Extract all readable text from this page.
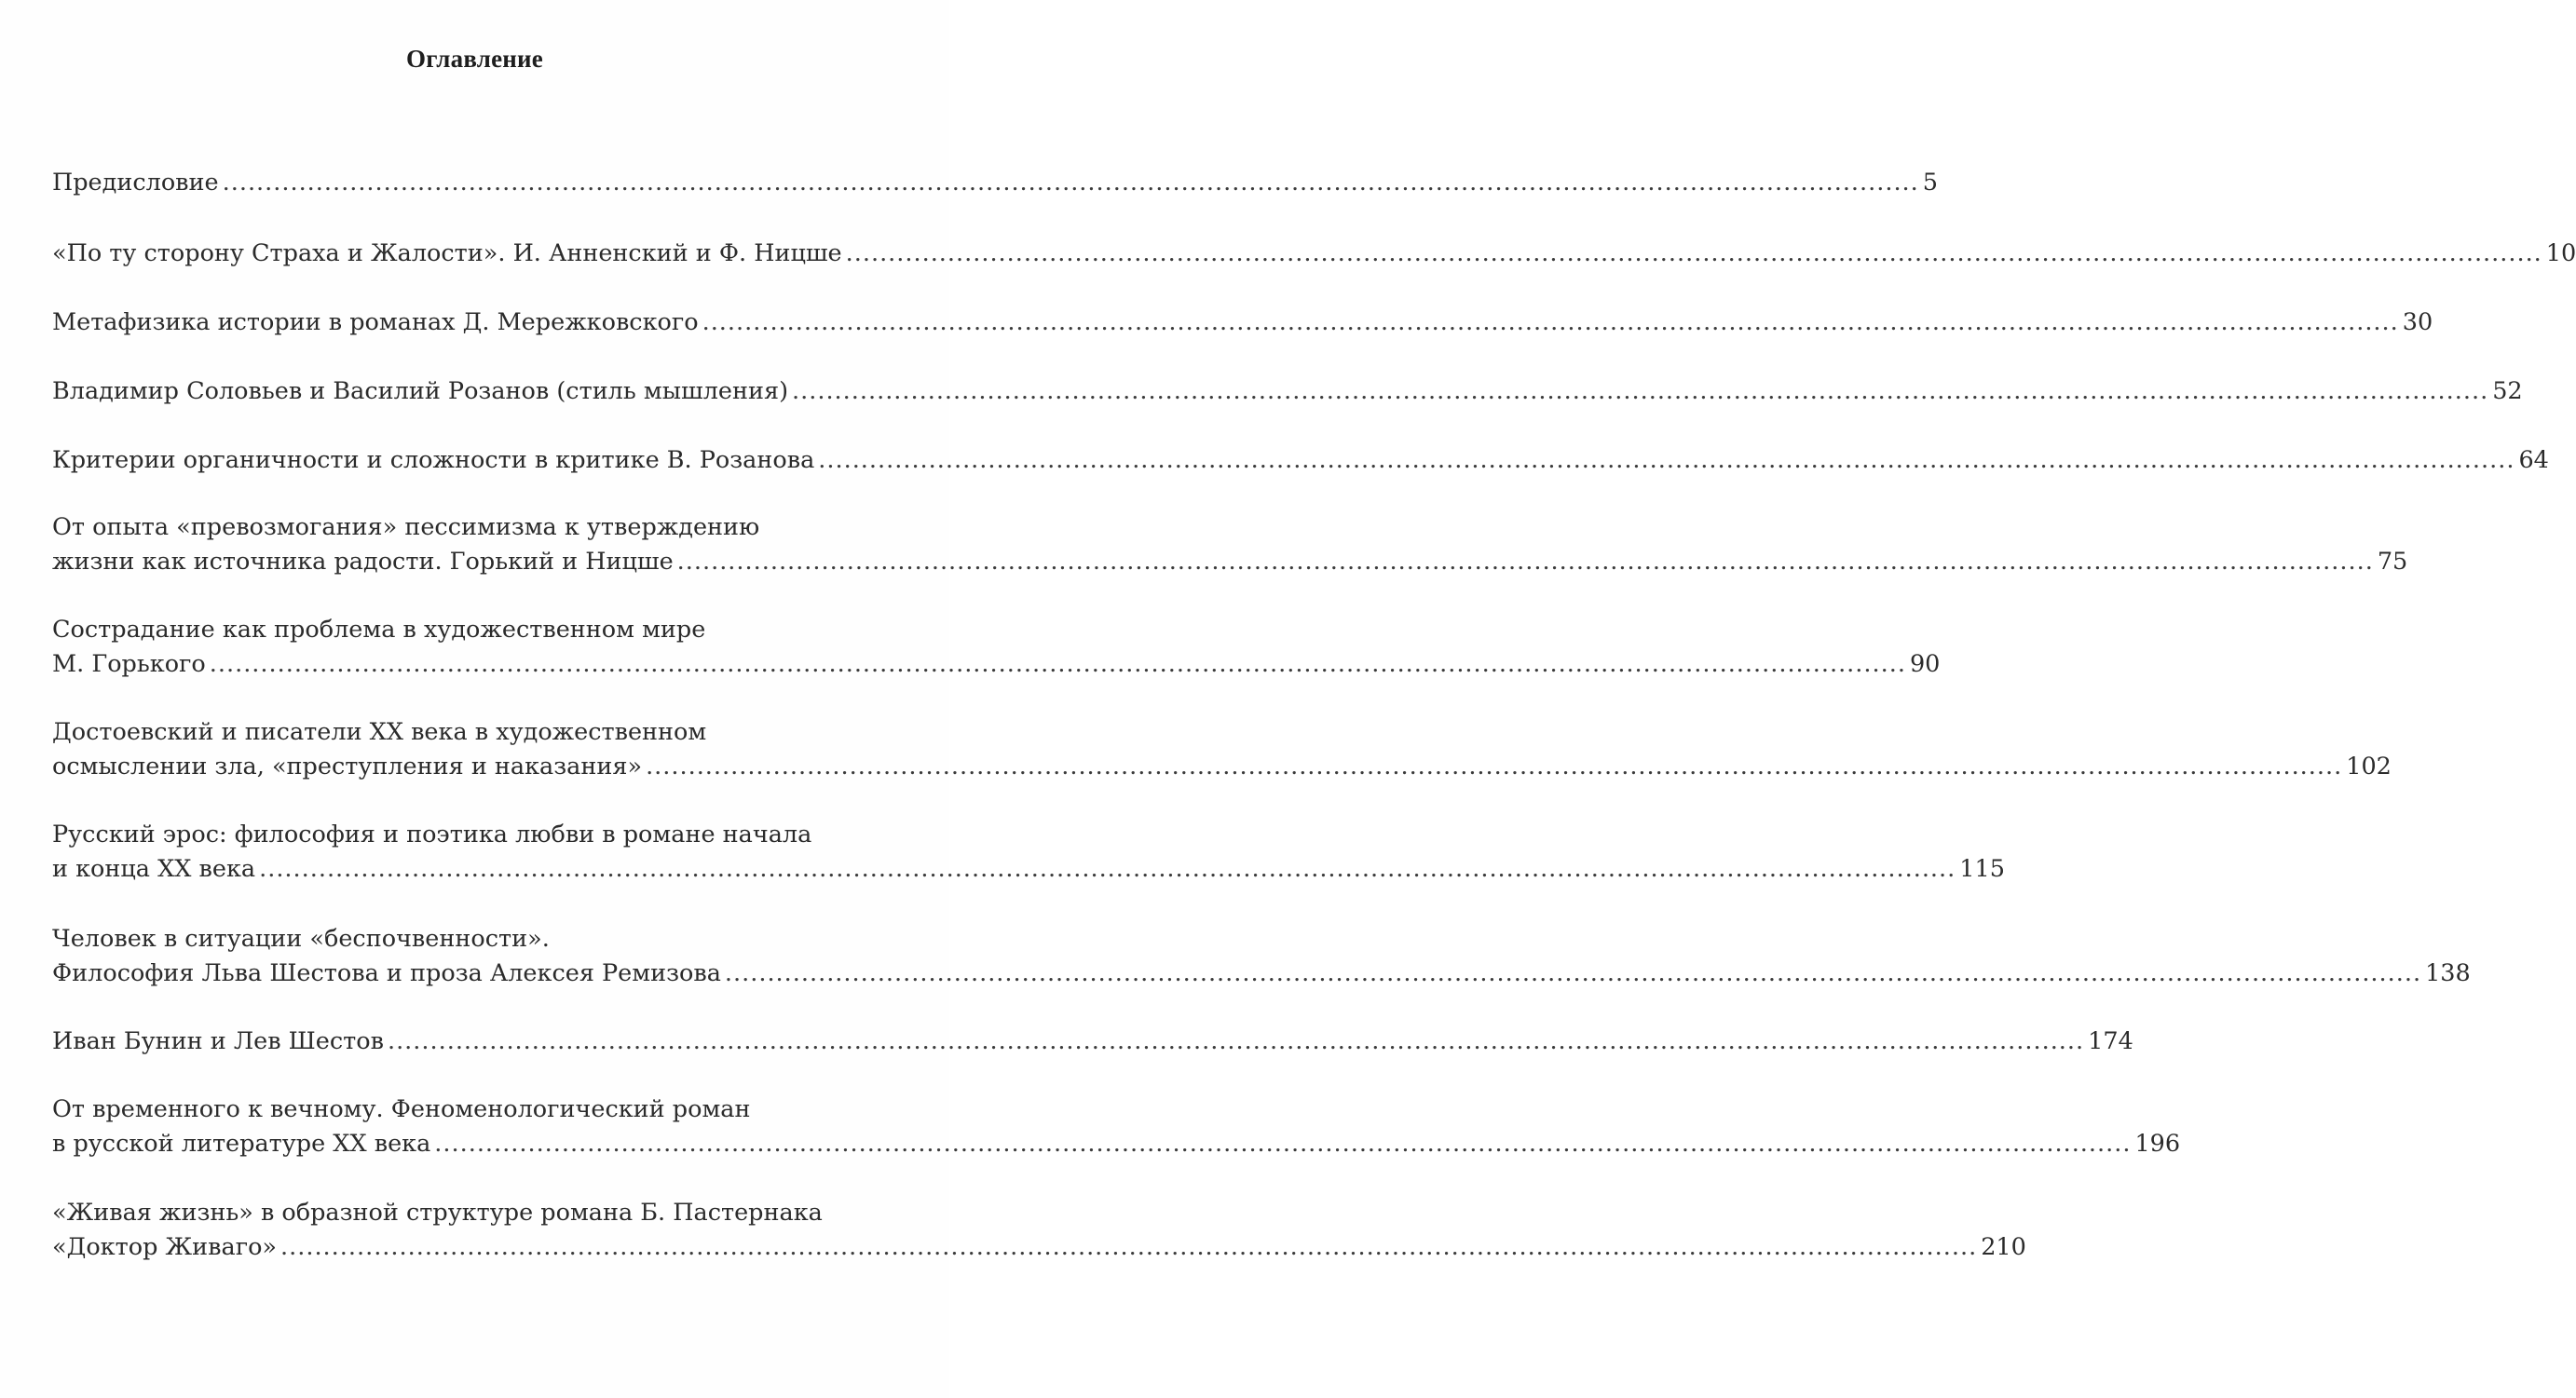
Оглавление
Предисловие ........................................................................................................................................................................................................ 5
«По ту сторону Страха и Жалости». И. Анненский и Ф. Ницше ........................................................................................................................................................................................................ 10
Метафизика истории в романах Д. Мережковского ........................................................................................................................................................................................................ 30
Владимир Соловьев и Василий Розанов (стиль мышления) ........................................................................................................................................................................................................ 52
Критерии органичности и сложности в критике В. Розанова ........................................................................................................................................................................................................ 64
От опыта «превозмогания» пессимизма к утверждению
жизни как источника радости. Горький и Ницше ........................................................................................................................................................................................................ 75
Сострадание как проблема в художественном мире
М. Горького ........................................................................................................................................................................................................ 90
Достоевский и писатели XX века в художественном
осмыслении зла, «преступления и наказания» ........................................................................................................................................................................................................ 102
Русский эрос: философия и поэтика любви в романе начала
и конца XX века ........................................................................................................................................................................................................ 115
Человек в ситуации «беспочвенности».
Философия Льва Шестова и проза Алексея Ремизова ........................................................................................................................................................................................................ 138
Иван Бунин и Лев Шестов ........................................................................................................................................................................................................ 174
От временного к вечному. Феноменологический роман
в русской литературе XX века ........................................................................................................................................................................................................ 196
«Живая жизнь» в образной структуре романа Б. Пастернака
«Доктор Живаго» ........................................................................................................................................................................................................ 210
